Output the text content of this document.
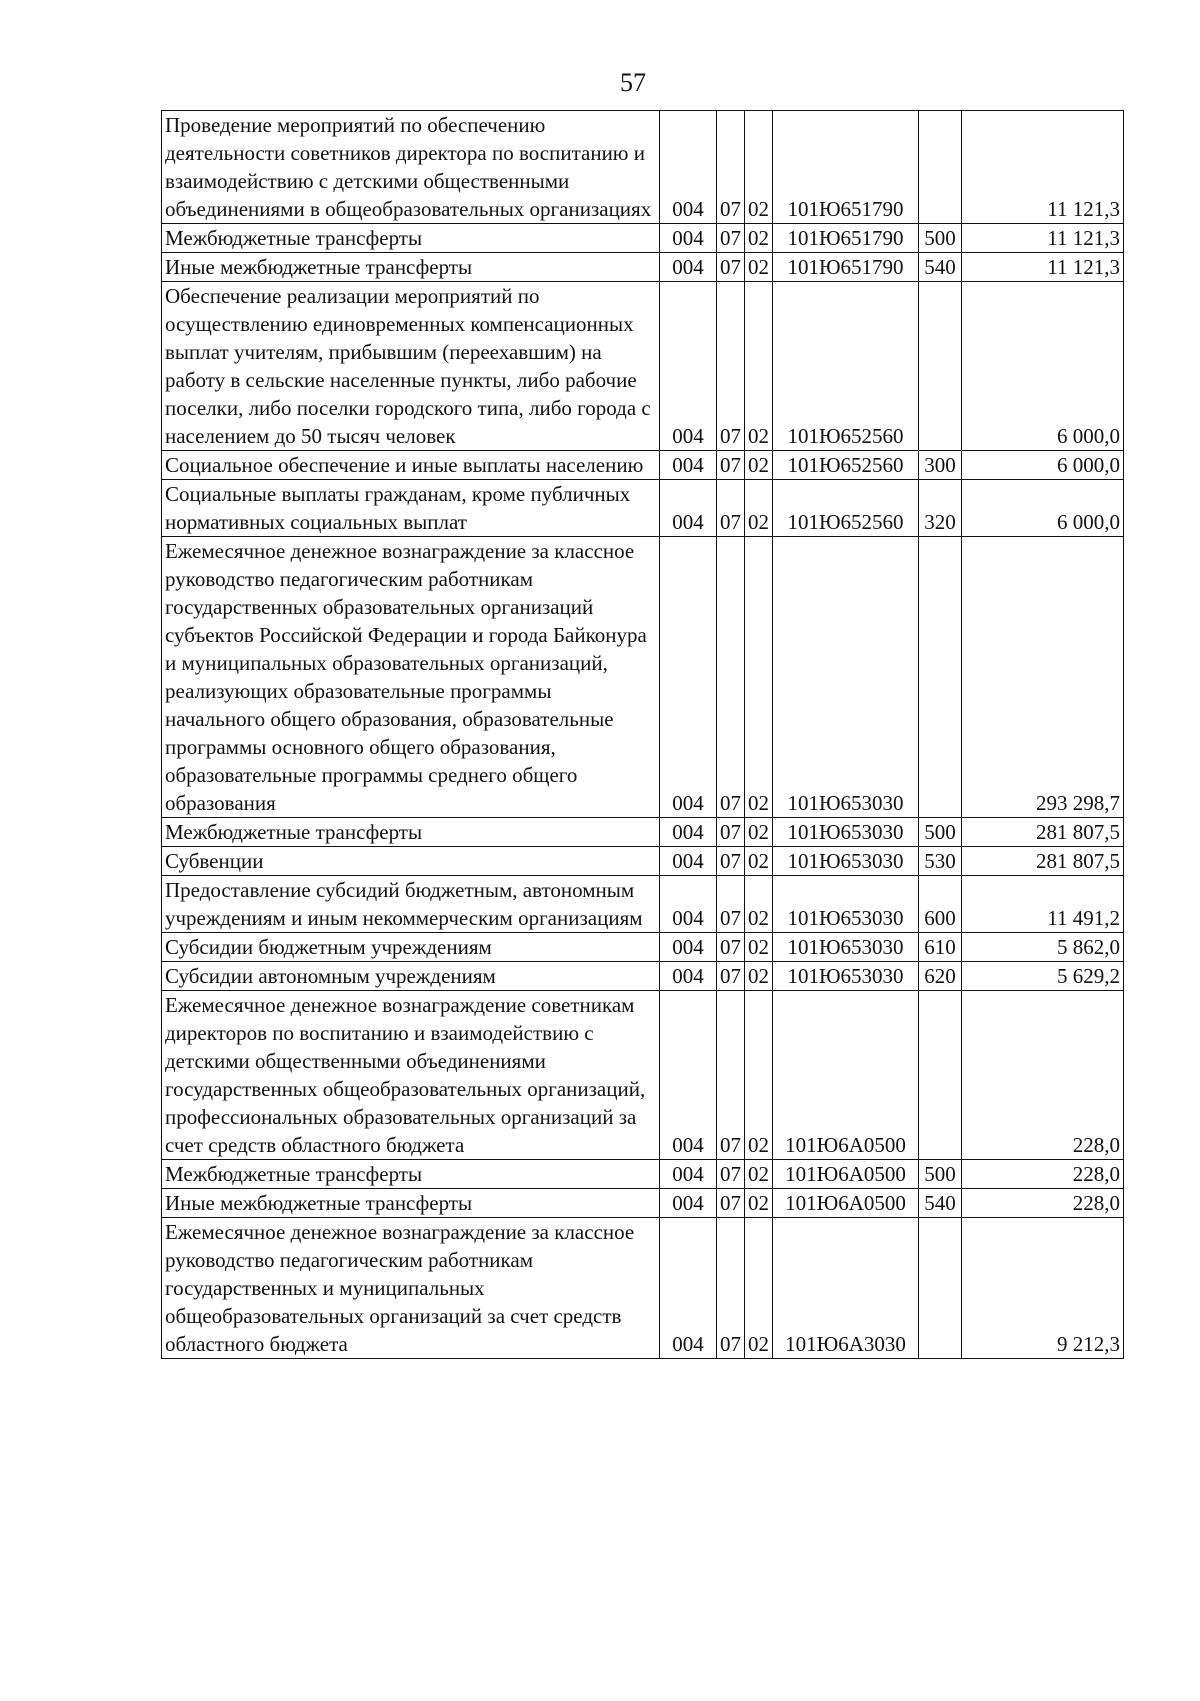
57
Проведение мероприятий по обеспечению деятельности советников директора по воспитанию и взаимодействию с детскими общественными объединениями в общеобразовательных организациях	004	07	02	101Ю651790		11 121,3
Межбюджетные трансферты	004	07	02	101Ю651790	500	11 121,3
Иные межбюджетные трансферты	004	07	02	101Ю651790	540	11 121,3
Обеспечение реализации мероприятий по осуществлению единовременных компенсационных выплат учителям, прибывшим (переехавшим) на работу в сельские населенные пункты, либо рабочие поселки, либо поселки городского типа, либо города с населением до 50 тысяч человек	004	07	02	101Ю652560		6 000,0
Социальное обеспечение и иные выплаты населению	004	07	02	101Ю652560	300	6 000,0
Социальные выплаты гражданам, кроме публичных нормативных социальных выплат	004	07	02	101Ю652560	320	6 000,0
Ежемесячное денежное вознаграждение за классное руководство педагогическим работникам государственных образовательных организаций субъектов Российской Федерации и города Байконура и муниципальных образовательных организаций, реализующих образовательные программы начального общего образования, образовательные программы основного общего образования, образовательные программы среднего общего образования	004	07	02	101Ю653030		293 298,7
Межбюджетные трансферты	004	07	02	101Ю653030	500	281 807,5
Субвенции	004	07	02	101Ю653030	530	281 807,5
Предоставление субсидий бюджетным, автономным учреждениям и иным некоммерческим организациям	004	07	02	101Ю653030	600	11 491,2
Субсидии бюджетным учреждениям	004	07	02	101Ю653030	610	5 862,0
Субсидии автономным учреждениям	004	07	02	101Ю653030	620	5 629,2
Ежемесячное денежное вознаграждение советникам директоров по воспитанию и взаимодействию с детскими общественными объединениями государственных общеобразовательных организаций, профессиональных образовательных организаций за счет средств областного бюджета	004	07	02	101Ю6А0500		228,0
Межбюджетные трансферты	004	07	02	101Ю6А0500	500	228,0
Иные межбюджетные трансферты	004	07	02	101Ю6А0500	540	228,0
Ежемесячное денежное вознаграждение за классное руководство педагогическим работникам государственных и муниципальных общеобразовательных организаций за счет средств областного бюджета	004	07	02	101Ю6А3030		9 212,3
